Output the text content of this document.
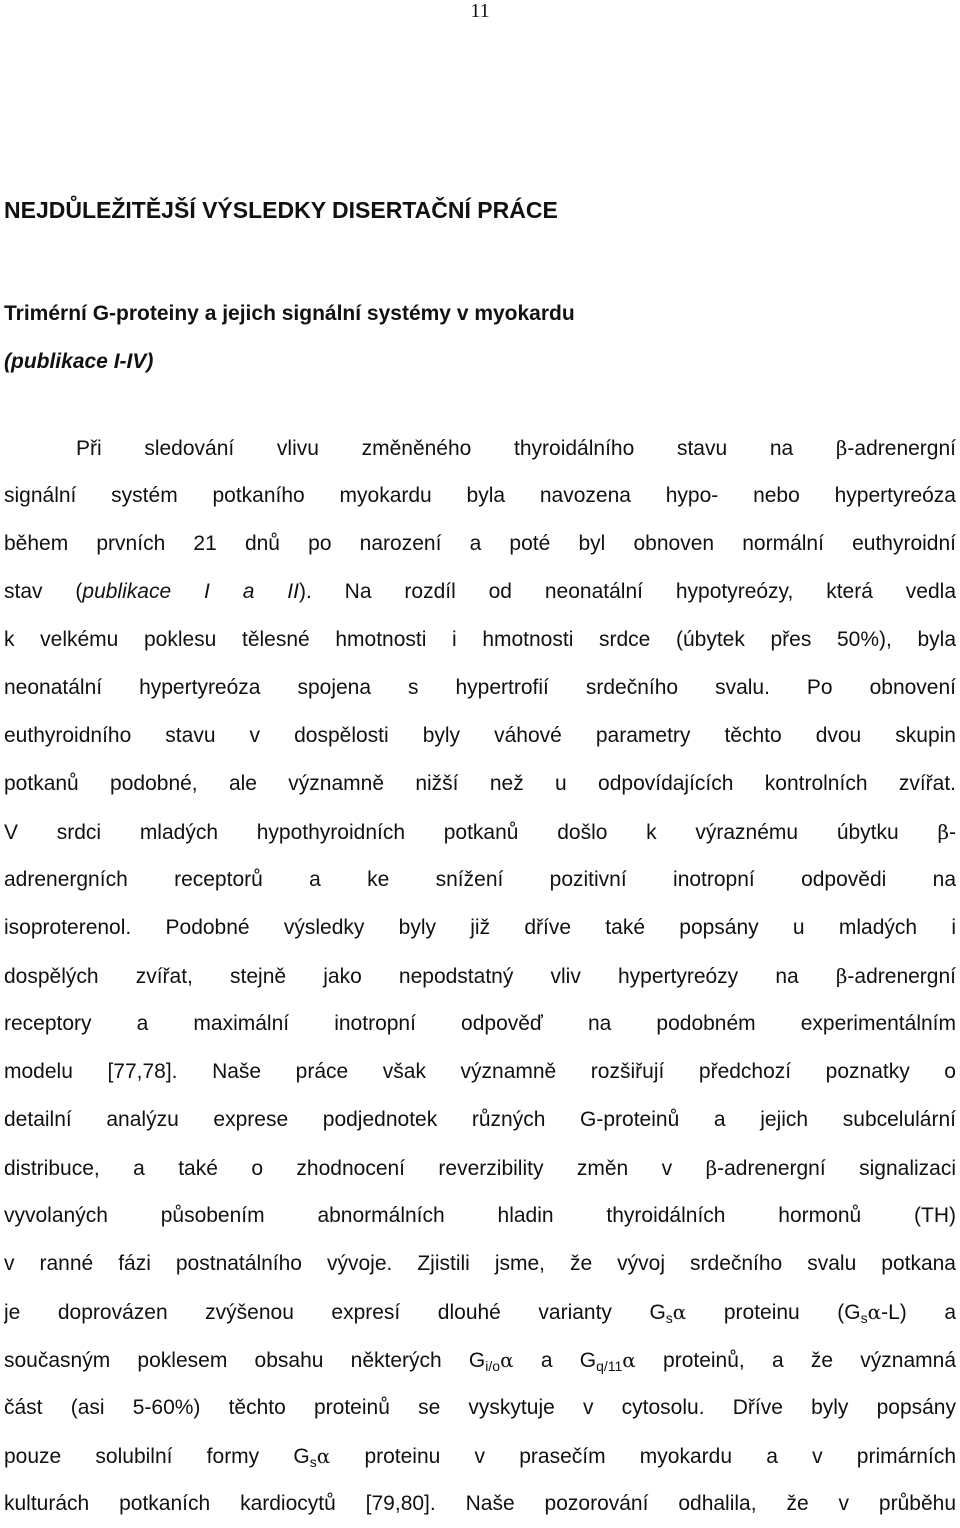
11
NEJDŮLEŽITĚJŠÍ VÝSLEDKY DISERTAČNÍ PRÁCE
Trimérní G-proteiny a jejich signální systémy v myokardu
(publikace I-IV)
Při sledování vlivu změněného thyroidálního stavu na β-adrenergní
signální systém potkaního myokardu byla navozena hypo- nebo hypertyreóza
během prvních 21 dnů po narození a poté byl obnoven normální euthyroidní
stav (publikace I a II). Na rozdíl od neonatální hypotyreózy, která vedla
k velkému poklesu tělesné hmotnosti i hmotnosti srdce (úbytek přes 50%), byla
neonatální hypertyreóza spojena s hypertrofií srdečního svalu. Po obnovení
euthyroidního stavu v dospělosti byly váhové parametry těchto dvou skupin
potkanů podobné, ale významně nižší než u odpovídajících kontrolních zvířat.
V srdci mladých hypothyroidních potkanů došlo k výraznému úbytku β-
adrenergních receptorů a ke snížení pozitivní inotropní odpovědi na
isoproterenol. Podobné výsledky byly již dříve také popsány u mladých i
dospělých zvířat, stejně jako nepodstatný vliv hypertyreózy na β-adrenergní
receptory a maximální inotropní odpověď na podobném experimentálním
modelu [77,78]. Naše práce však významně rozšiřují předchozí poznatky o
detailní analýzu exprese podjednotek různých G-proteinů a jejich subcelulární
distribuce, a také o zhodnocení reverzibility změn v β-adrenergní signalizaci
vyvolaných působením abnormálních hladin thyroidálních hormonů (TH)
v ranné fázi postnatálního vývoje. Zjistili jsme, že vývoj srdečního svalu potkana
je doprovázen zvýšenou expresí dlouhé varianty Gsα proteinu (Gsα-L) a
současným poklesem obsahu některých Gi/oα a Gq/11α proteinů, a že významná
část (asi 5-60%) těchto proteinů se vyskytuje v cytosolu. Dříve byly popsány
pouze solubilní formy Gsα proteinu v prasečím myokardu a v primárních
kulturách potkaních kardiocytů [79,80]. Naše pozorování odhalila, že v průběhu
